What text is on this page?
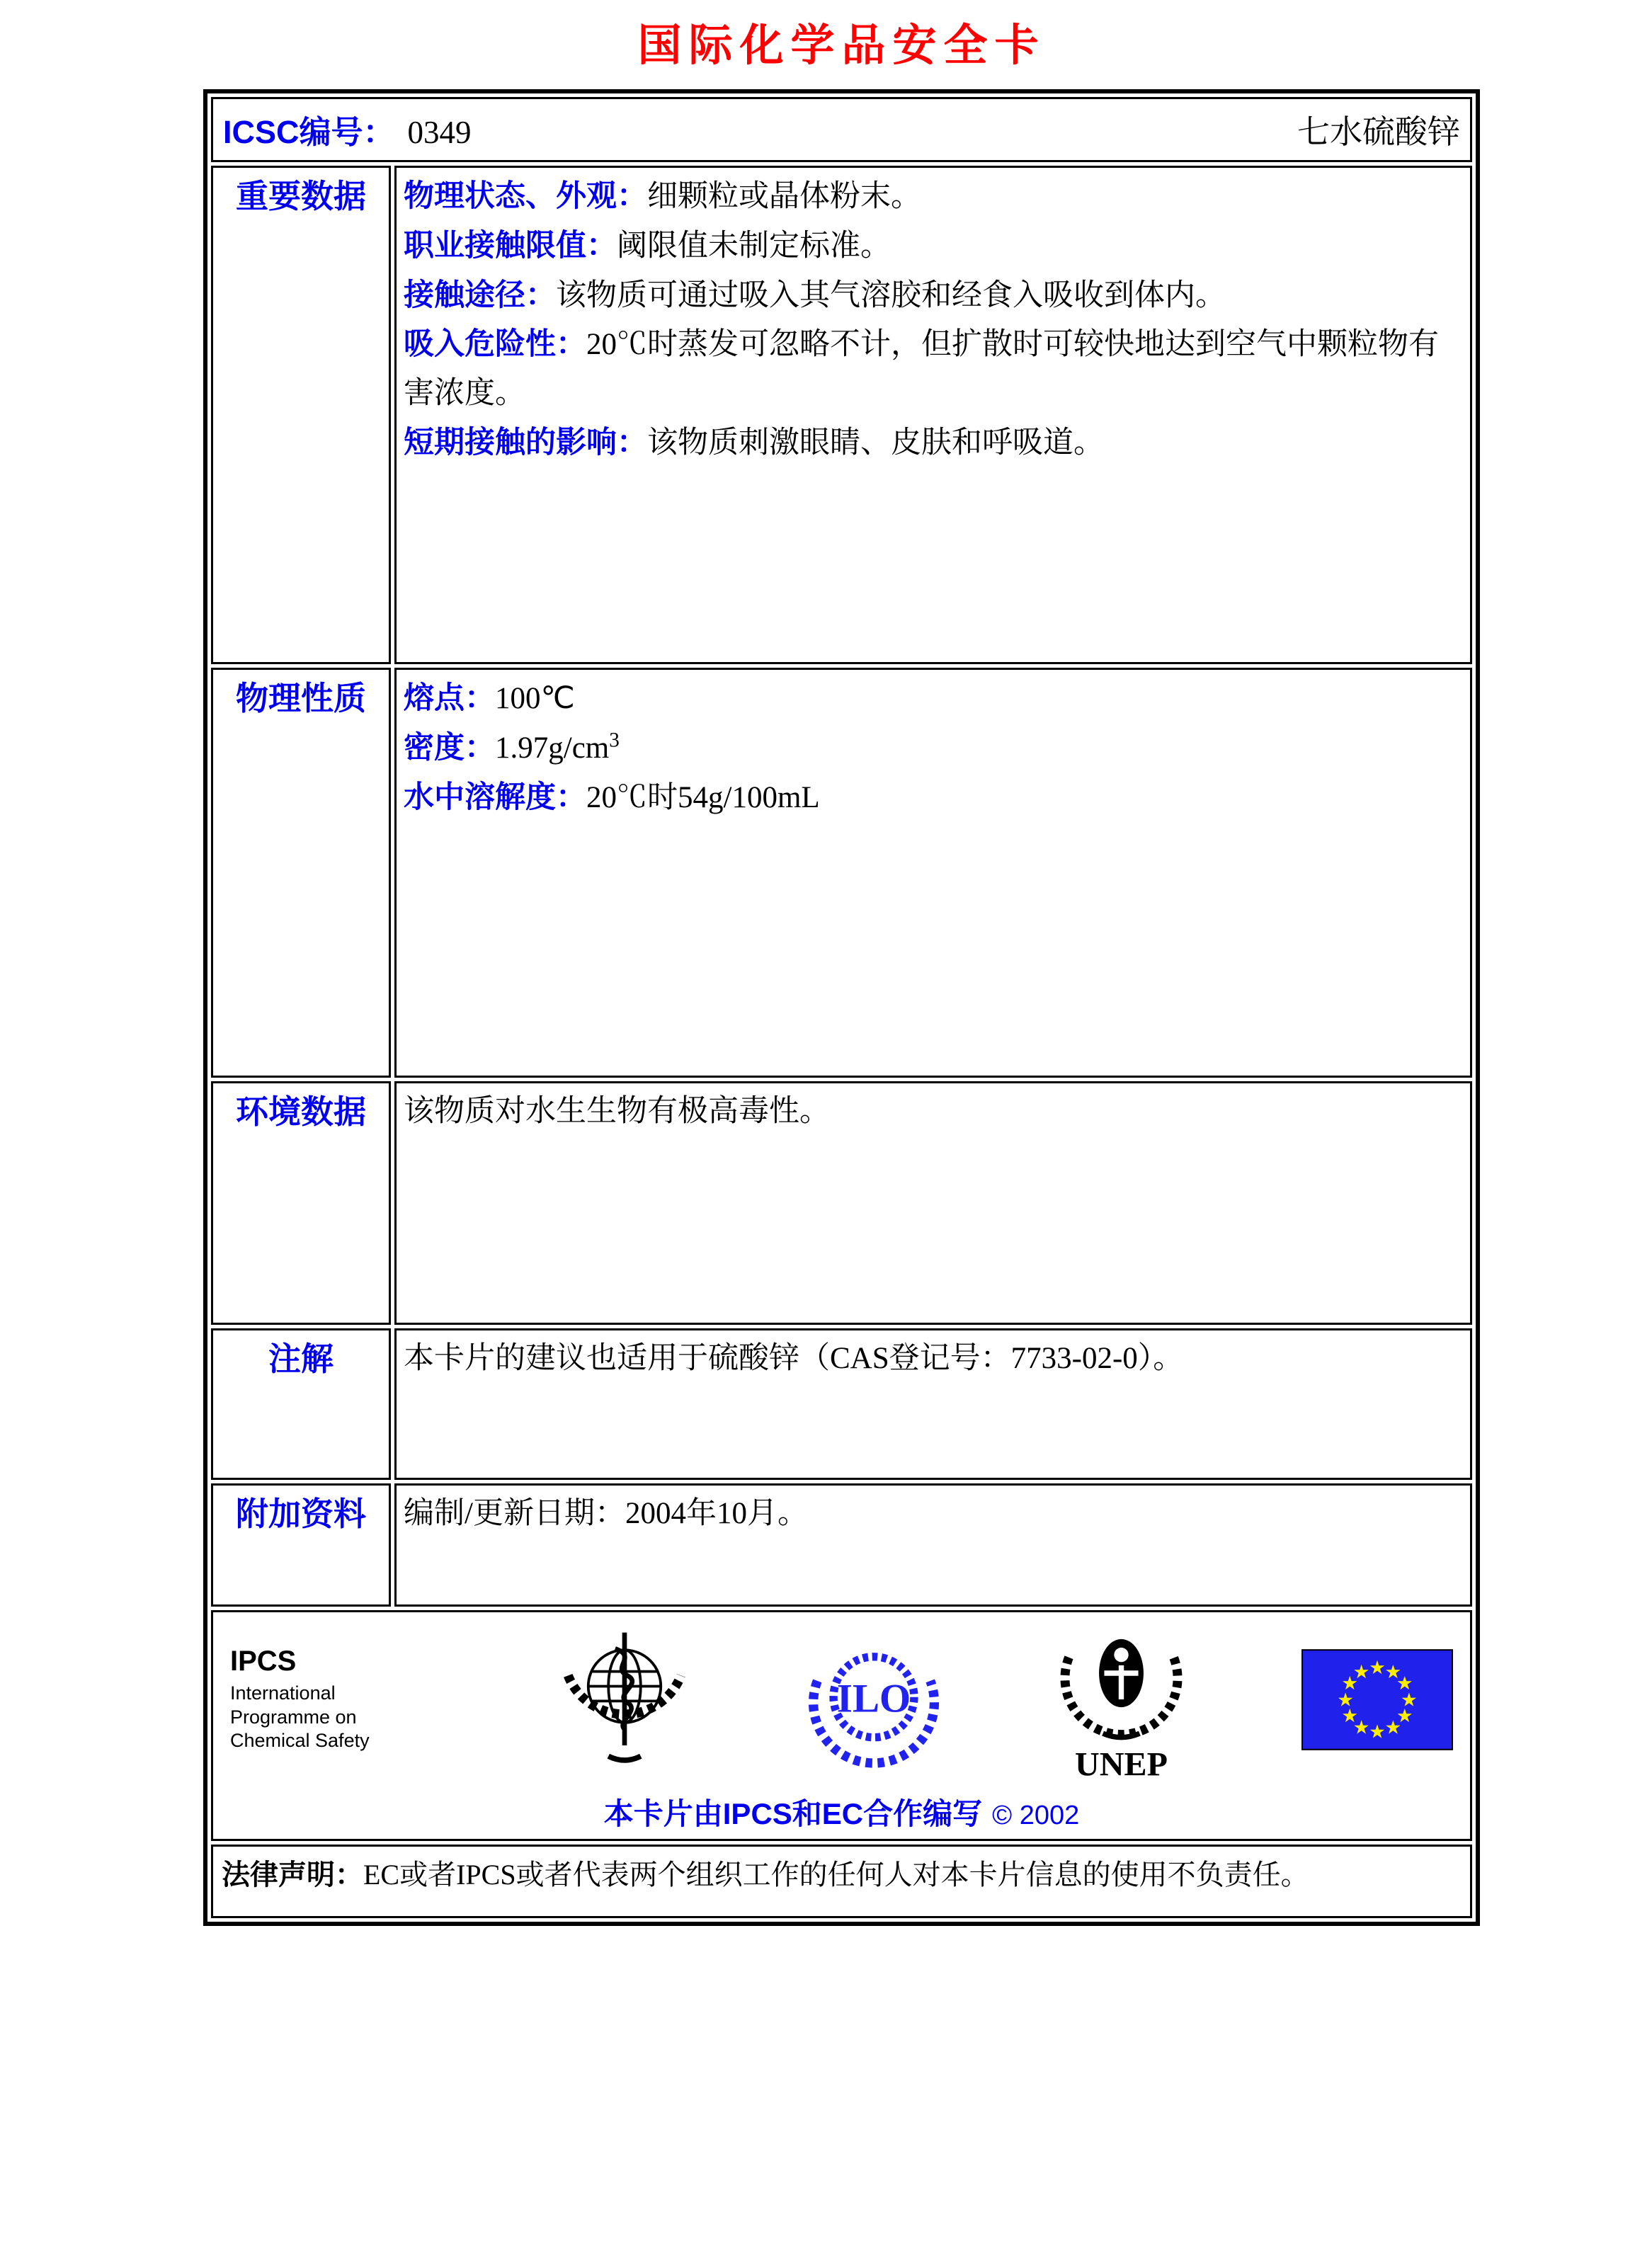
国际化学品安全卡
ICSC编号： 0349 七水硫酸锌	

重要数据	物理状态、外观：细颗粒或晶体粉末。
职业接触限值：阈限值未制定标准。
接触途径：该物质可通过吸入其气溶胶和经食入吸收到体内。
吸入危险性：20℃时蒸发可忽略不计，但扩散时可较快地达到空气中颗粒物有害浓度。
短期接触的影响：该物质刺激眼睛、皮肤和呼吸道。

物理性质	熔点：100℃
密度：$1.97g/cm^3$
水中溶解度：20℃时54g/100mL

环境数据	该物质对水生生物有极高毒性。

注解	本卡片的建议也适用于硫酸锌（CAS登记号：7733-02-0）。

附加资料	编制/更新日期：2004年10月。

IPCS
International
Programme on
Chemical Safety
ILO
UNEP
★
★
★
★
★
★
★
★
★
★
★
★
本卡片由IPCS和EC合作编写 © 2002

法律声明：EC或者IPCS或者代表两个组织工作的任何人对本卡片信息的使用不负责任。	
